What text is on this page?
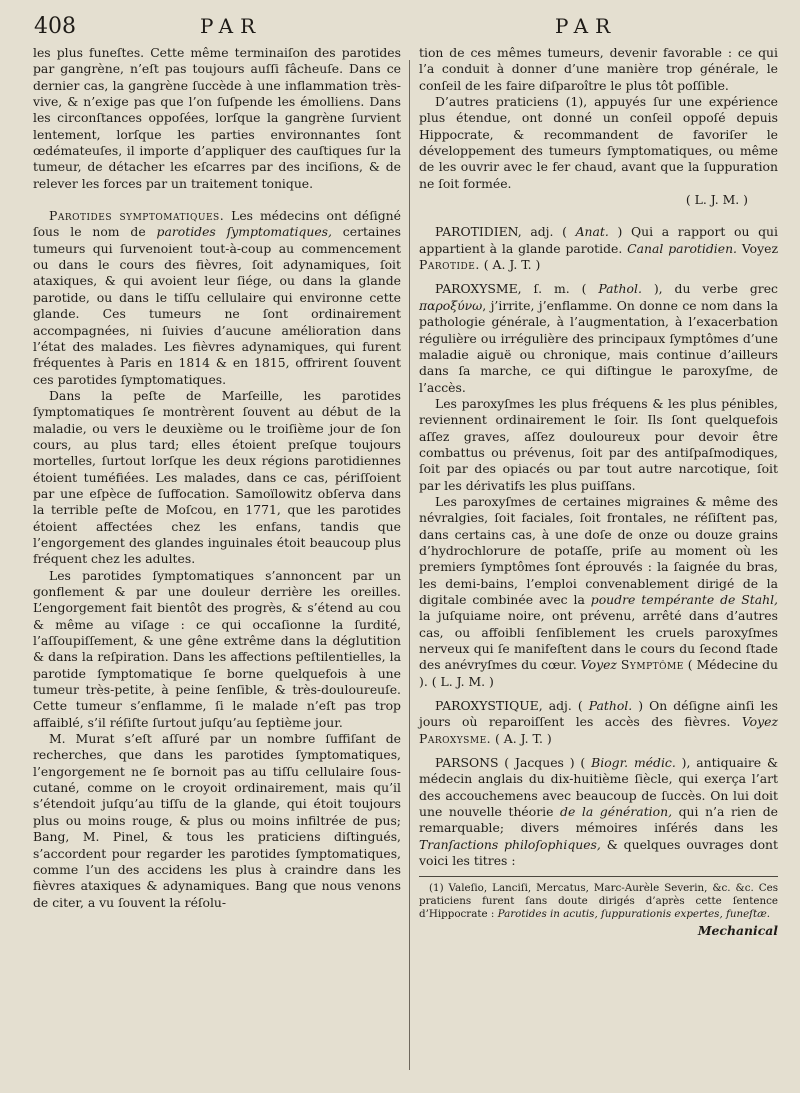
408	PAR	PAR

les plus funeſtes. Cette même terminaiſon des parotides par gangrène, n’eſt pas toujours auſſi fâcheuſe. Dans ce dernier cas, la gangrène ſuccède à une inflammation très-vive, & n’exige pas que l’on ſuſpende les émolliens. Dans les circonſtances oppoſées, lorſque la gangrène ſurvient lentement, lorſque les parties environnantes ſont œdémateuſes, il importe d’appliquer des cauſtiques ſur la tumeur, de détacher les eſcarres par des inciſions, & de relever les forces par un traitement tonique.

Parotides symptomatiques. Les médecins ont déſigné ſous le nom de parotides ſymptomatiques, certaines tumeurs qui ſurvenoient tout-à-coup au commencement ou dans le cours des fièvres, ſoit adynamiques, ſoit ataxiques, & qui avoient leur ſiége, ou dans la glande parotide, ou dans le tiſſu cellulaire qui environne cette glande. Ces tumeurs ne ſont ordinairement accompagnées, ni ſuivies d’aucune amélioration dans l’état des malades. Les fièvres adynamiques, qui furent fréquentes à Paris en 1814 & en 1815, offrirent ſouvent ces parotides ſymptomatiques.

Dans la peſte de Marſeille, les parotides ſymptomatiques ſe montrèrent ſouvent au début de la maladie, ou vers le deuxième ou le troiſième jour de ſon cours, au plus tard; elles étoient preſque toujours mortelles, ſurtout lorſque les deux régions parotidiennes étoient tuméfiées. Les malades, dans ce cas, périſſoient par une eſpèce de ſuffocation. Samoïlowitz obſerva dans la terrible peſte de Moſcou, en 1771, que les parotides étoient affectées chez les enfans, tandis que l’engorgement des glandes inguinales étoit beaucoup plus fréquent chez les adultes.

Les parotides ſymptomatiques s’annoncent par un gonflement & par une douleur derrière les oreilles. L’engorgement fait bientôt des progrès, & s’étend au cou & même au viſage : ce qui occaſionne la ſurdité, l’aſſoupiſſement, & une gêne extrême dans la déglutition & dans la reſpiration. Dans les affections peſtilentielles, la parotide ſymptomatique ſe borne quelquefois à une tumeur très-petite, à peine ſenſible, & très-douloureuſe. Cette tumeur s’enflamme, ſi le malade n’eſt pas trop affaiblé, s’il réſiſte ſurtout juſqu’au ſeptième jour.

M. Murat s’eſt aſſuré par un nombre ſuffiſant de recherches, que dans les parotides ſymptomatiques, l’engorgement ne ſe bornoit pas au tiſſu cellulaire ſous-cutané, comme on le croyoit ordinairement, mais qu’il s’étendoit juſqu’au tiſſu de la glande, qui étoit toujours plus ou moins rouge, & plus ou moins infiltrée de pus; Bang, M. Pinel, & tous les praticiens diſtingués, s’accordent pour regarder les parotides ſymptomatiques, comme l’un des accidens les plus à craindre dans les fièvres ataxiques & adynamiques. Bang que nous venons de citer, a vu ſouvent la réſolu-

tion de ces mêmes tumeurs, devenir favorable : ce qui l’a conduit à donner d’une manière trop générale, le conſeil de les faire diſparoître le plus tôt poſſible.

D’autres praticiens (1), appuyés ſur une expérience plus étendue, ont donné un conſeil oppoſé depuis Hippocrate, & recommandent de favoriſer le développement des tumeurs ſymptomatiques, ou même de les ouvrir avec le fer chaud, avant que la ſuppuration ne ſoit formée.

( L. J. M. )

PAROTIDIEN, adj. ( Anat. ) Qui a rapport ou qui appartient à la glande parotide. Canal parotidien. Voyez Parotide. ( A. J. T. )

PAROXYSME, ſ. m. ( Pathol. ), du verbe grec παροξύνω, j’irrite, j’enflamme. On donne ce nom dans la pathologie générale, à l’augmentation, à l’exacerbation régulière ou irrégulière des principaux ſymptômes d’une maladie aiguë ou chronique, mais continue d’ailleurs dans ſa marche, ce qui diſtingue le paroxyſme, de l’accès.

Les paroxyſmes les plus fréquens & les plus pénibles, reviennent ordinairement le ſoir. Ils ſont quelquefois aſſez graves, aſſez douloureux pour devoir être combattus ou prévenus, ſoit par des antiſpaſmodiques, ſoit par des opiacés ou par tout autre narcotique, ſoit par les dérivatifs les plus puiſſans.

Les paroxyſmes de certaines migraines & même des névralgies, ſoit faciales, ſoit frontales, ne réſiſtent pas, dans certains cas, à une doſe de onze ou douze grains d’hydrochlorure de potaſſe, priſe au moment où les premiers ſymptômes ſont éprouvés : la ſaignée du bras, les demi-bains, l’emploi convenablement dirigé de la digitale combinée avec la poudre tempérante de Stahl, la juſquiame noire, ont prévenu, arrêté dans d’autres cas, ou affoibli ſenſiblement les cruels paroxyſmes nerveux qui ſe manifeſtent dans le cours du ſecond ſtade des anévryſmes du cœur. Voyez Symptôme ( Médecine du ). ( L. J. M. )

PAROXYSTIQUE, adj. ( Pathol. ) On déſigne ainſi les jours où reparoiſſent les accès des fièvres. Voyez Paroxysme. ( A. J. T. )

PARSONS ( Jacques ) ( Biogr. médic. ), antiquaire & médecin anglais du dix-huitième ſiècle, qui exerça l’art des accouchemens avec beaucoup de ſuccès. On lui doit une nouvelle théorie de la génération, qui n’a rien de remarquable; divers mémoires inſérés dans les Tranſactions philoſophiques, & quelques ouvrages dont voici les titres :

(1) Valeſio, Lanciſi, Mercatus, Marc-Aurèle Severin, &c. &c. Ces praticiens furent ſans doute dirigés d’après cette ſentence d’Hippocrate : Parotides in acutis, ſuppurationis expertes, funeſtæ.

Mechanical
